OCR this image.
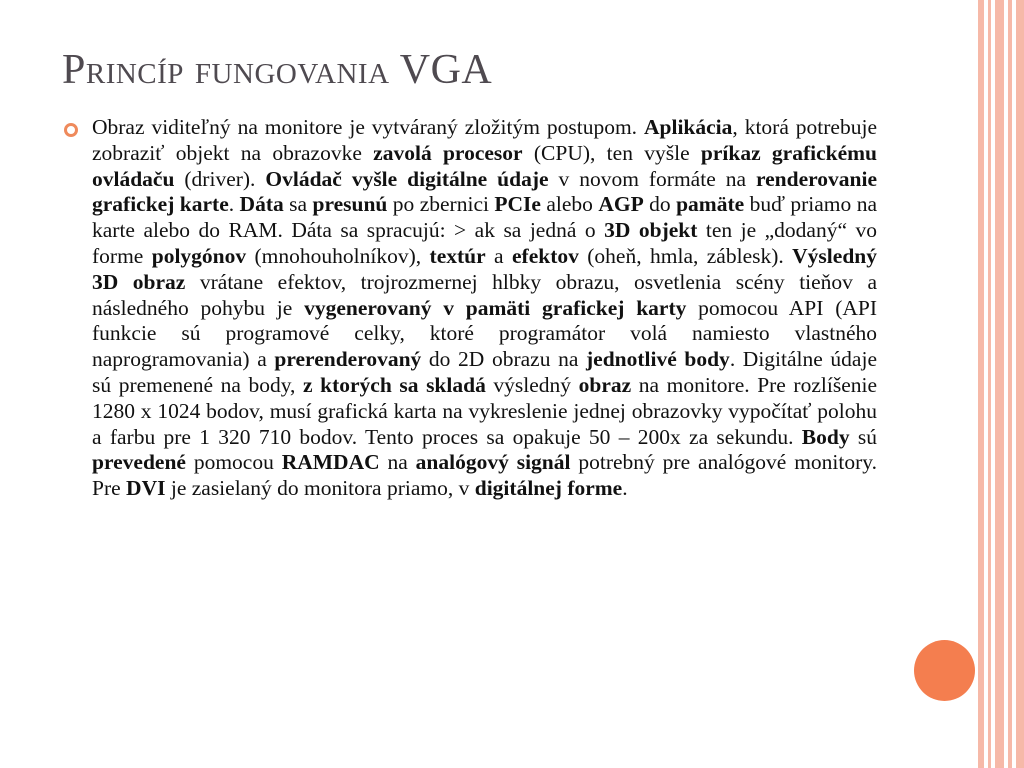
Princíp fungovania VGA
Obraz viditeľný na monitore je vytváraný zložitým postupom. Aplikácia, ktorá potrebuje zobraziť objekt na obrazovke zavolá procesor (CPU), ten vyšle príkaz grafickému ovládaču (driver). Ovládač vyšle digitálne údaje v novom formáte na renderovanie grafickej karte. Dáta sa presunú po zbernici PCIe alebo AGP do pamäte buď priamo na karte alebo do RAM. Dáta sa spracujú: > ak sa jedná o 3D objekt ten je „dodaný“ vo forme polygónov (mnohouholníkov), textúr a efektov (oheň, hmla, záblesk). Výsledný 3D obraz vrátane efektov, trojrozmernej hlbky obrazu, osvetlenia scény tieňov a následného pohybu je vygenerovaný v pamäti grafickej karty pomocou API (API funkcie sú programové celky, ktoré programátor volá namiesto vlastného naprogramovania) a prerenderovaný do 2D obrazu na jednotlivé body. Digitálne údaje sú premenené na body, z ktorých sa skladá výsledný obraz na monitore. Pre rozlíšenie 1280 x 1024 bodov, musí grafická karta na vykreslenie jednej obrazovky vypočítať polohu a farbu pre 1 320 710 bodov. Tento proces sa opakuje 50 – 200x za sekundu. Body sú prevedené pomocou RAMDAC na analógový signál potrebný pre analógové monitory. Pre DVI je zasielaný do monitora priamo, v digitálnej forme.
